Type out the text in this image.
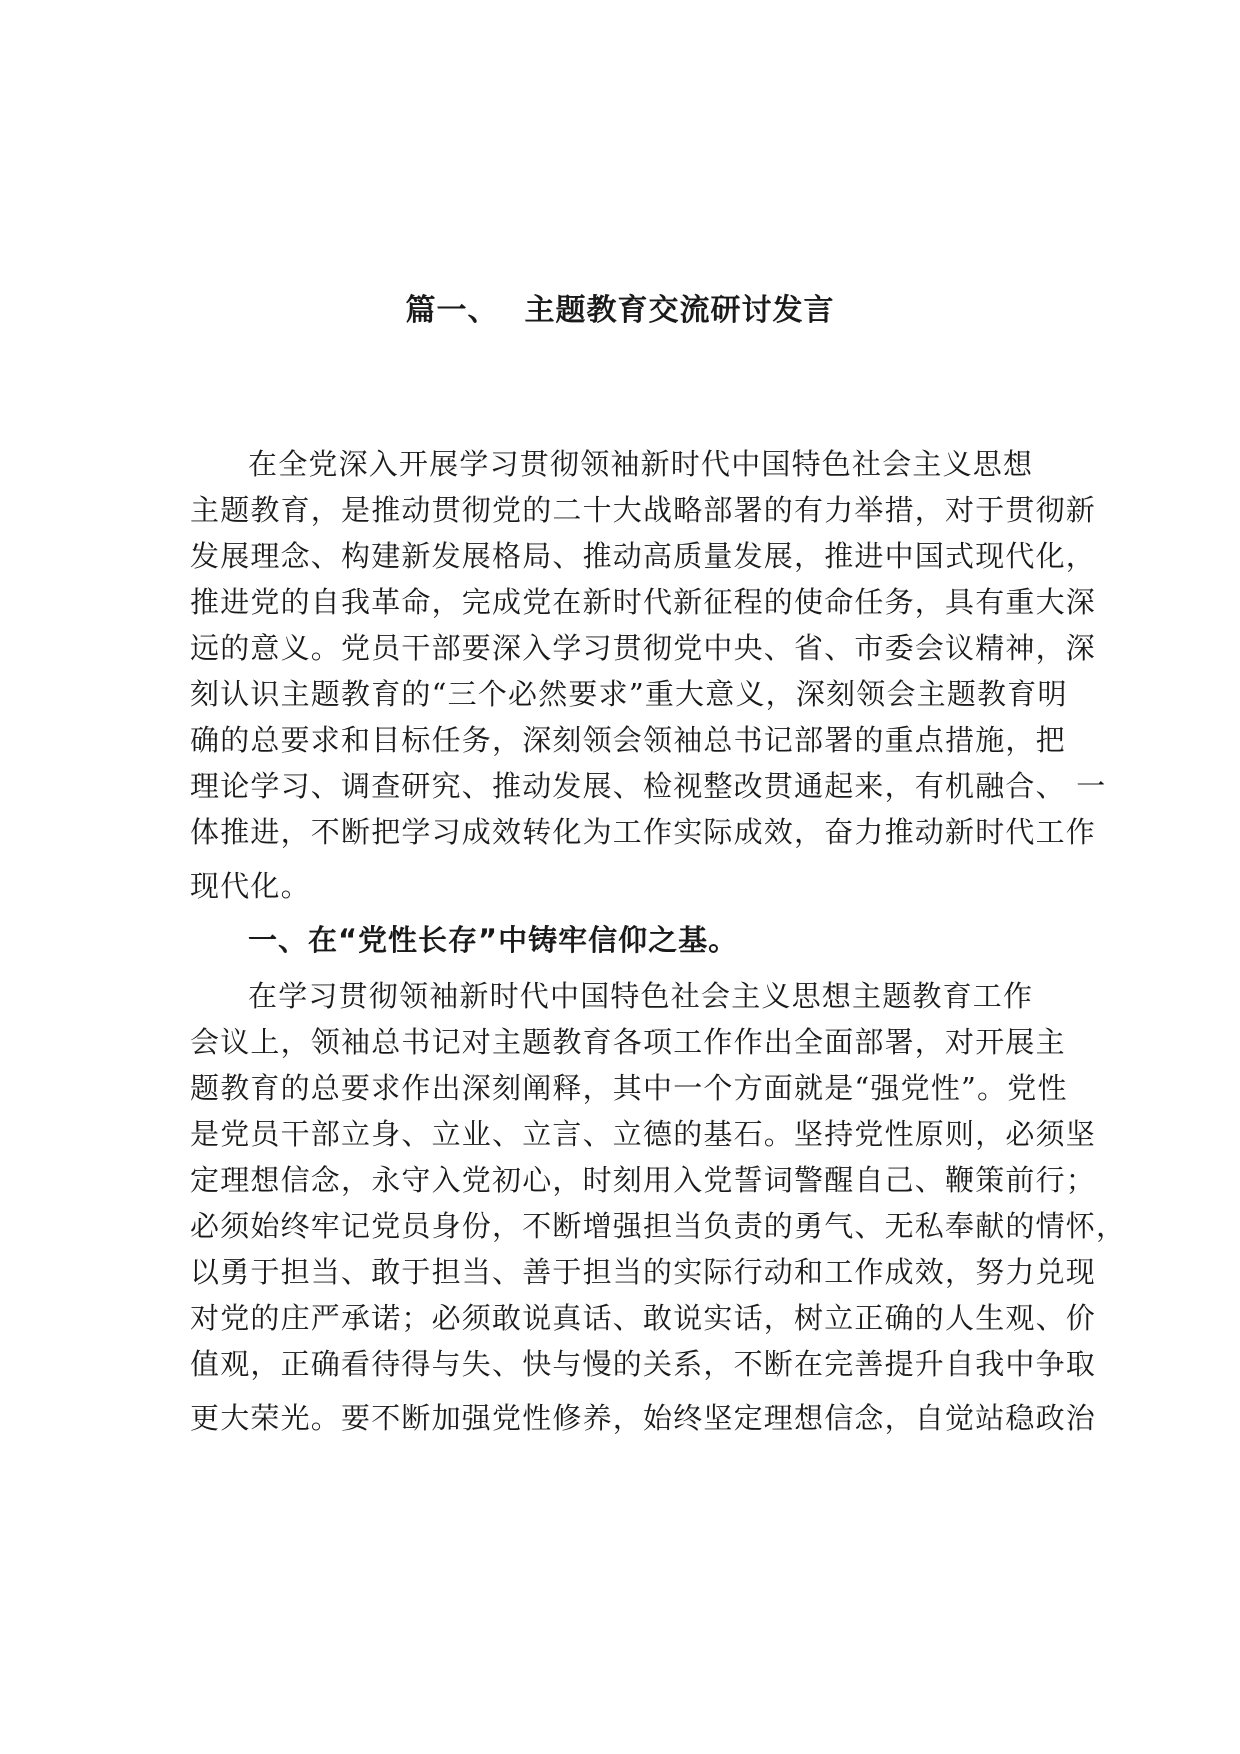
篇一、 主题教育交流研讨发言
在全党深入开展学习贯彻领袖新时代中国特色社会主义思想
主题教育，是推动贯彻党的二十大战略部署的有力举措，对于贯彻新
发展理念、构建新发展格局、推动高质量发展，推进中国式现代化，
推进党的自我革命，完成党在新时代新征程的使命任务，具有重大深
远的意义。党员干部要深入学习贯彻党中央、省、市委会议精神，深
刻认识主题教育的“三个必然要求”重大意义，深刻领会主题教育明
确的总要求和目标任务，深刻领会领袖总书记部署的重点措施，把
理论学习、调查研究、推动发展、检视整改贯通起来，有机融合、 一
体推进，不断把学习成效转化为工作实际成效，奋力推动新时代工作
现代化。
一、在“党性长存”中铸牢信仰之基。
在学习贯彻领袖新时代中国特色社会主义思想主题教育工作
会议上，领袖总书记对主题教育各项工作作出全面部署，对开展主
题教育的总要求作出深刻阐释，其中一个方面就是“强党性”。党性
是党员干部立身、立业、立言、立德的基石。坚持党性原则，必须坚
定理想信念，永守入党初心，时刻用入党誓词警醒自己、鞭策前行；
必须始终牢记党员身份，不断增强担当负责的勇气、无私奉献的情怀，
以勇于担当、敢于担当、善于担当的实际行动和工作成效，努力兑现
对党的庄严承诺；必须敢说真话、敢说实话，树立正确的人生观、价
值观，正确看待得与失、快与慢的关系，不断在完善提升自我中争取
更大荣光。要不断加强党性修养，始终坚定理想信念，自觉站稳政治
